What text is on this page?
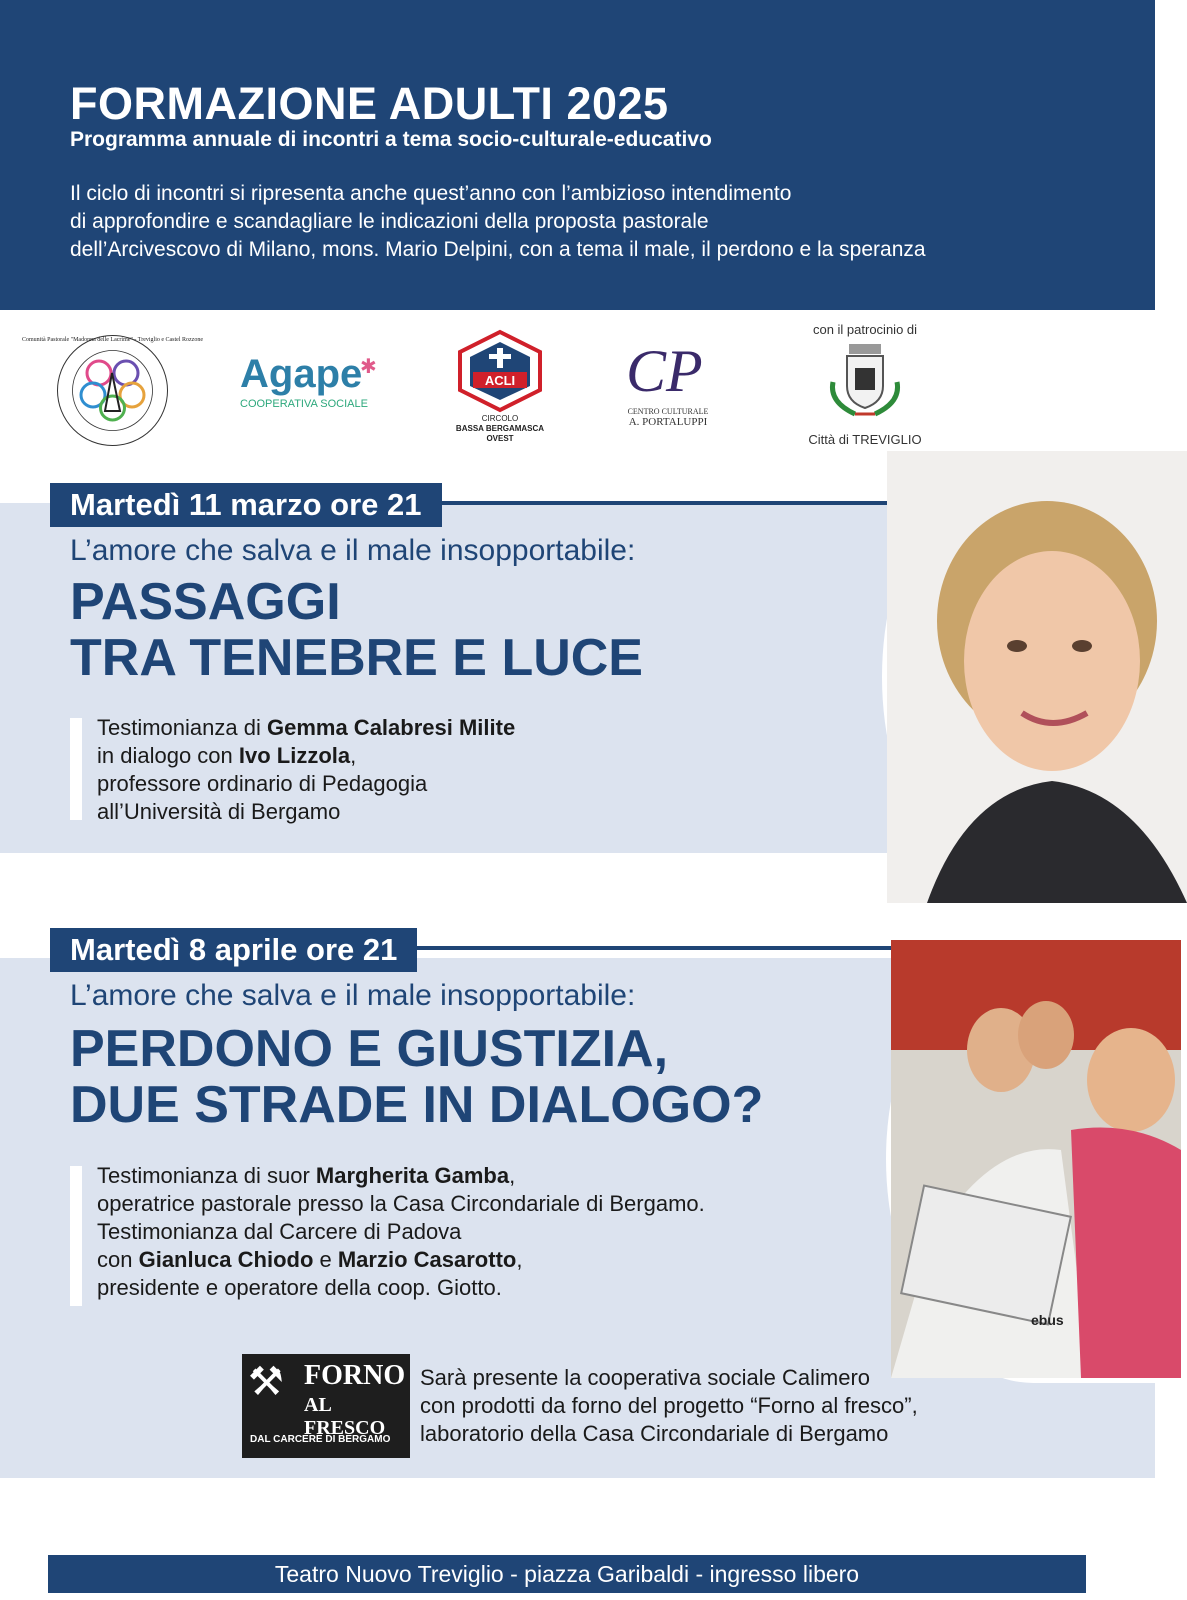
FORMAZIONE ADULTI 2025
Programma annuale di incontri a tema socio-culturale-educativo
Il ciclo di incontri si ripresenta anche quest’anno con l’ambizioso intendimento
di approfondire e scandagliare le indicazioni della proposta pastorale
dell’Arcivescovo di Milano, mons. Mario Delpini, con a tema il male, il perdono e la speranza
Comunità Pastorale "Madonna delle Lacrime" - Treviglio e Castel Rozzone
Agape
✱
COOPERATIVA SOCIALE
ACLI
CIRCOLO
BASSA BERGAMASCA
OVEST
CP
CENTRO CULTURALE
A. PORTALUPPI
con il patrocinio di
Città di TREVIGLIO
Martedì 11 marzo ore 21
L’amore che salva e il male insopportabile:
PASSAGGI
TRA TENEBRE E LUCE
Testimonianza di Gemma Calabresi Milite
in dialogo con Ivo Lizzola,
professore ordinario di Pedagogia
all’Università di Bergamo
Martedì 8 aprile ore 21
L’amore che salva e il male insopportabile:
PERDONO E GIUSTIZIA,
DUE STRADE IN DIALOGO?
Testimonianza di suor Margherita Gamba,
operatrice pastorale presso la Casa Circondariale di Bergamo.
Testimonianza dal Carcere di Padova
con Gianluca Chiodo e Marzio Casarotto,
presidente e operatore della coop. Giotto.
ebus
⚒ FORNO
AL FRESCO
DAL CARCERE DI BERGAMO
Sarà presente la cooperativa sociale Calimero
con prodotti da forno del progetto “Forno al fresco”,
laboratorio della Casa Circondariale di Bergamo
Teatro Nuovo Treviglio - piazza Garibaldi - ingresso libero
